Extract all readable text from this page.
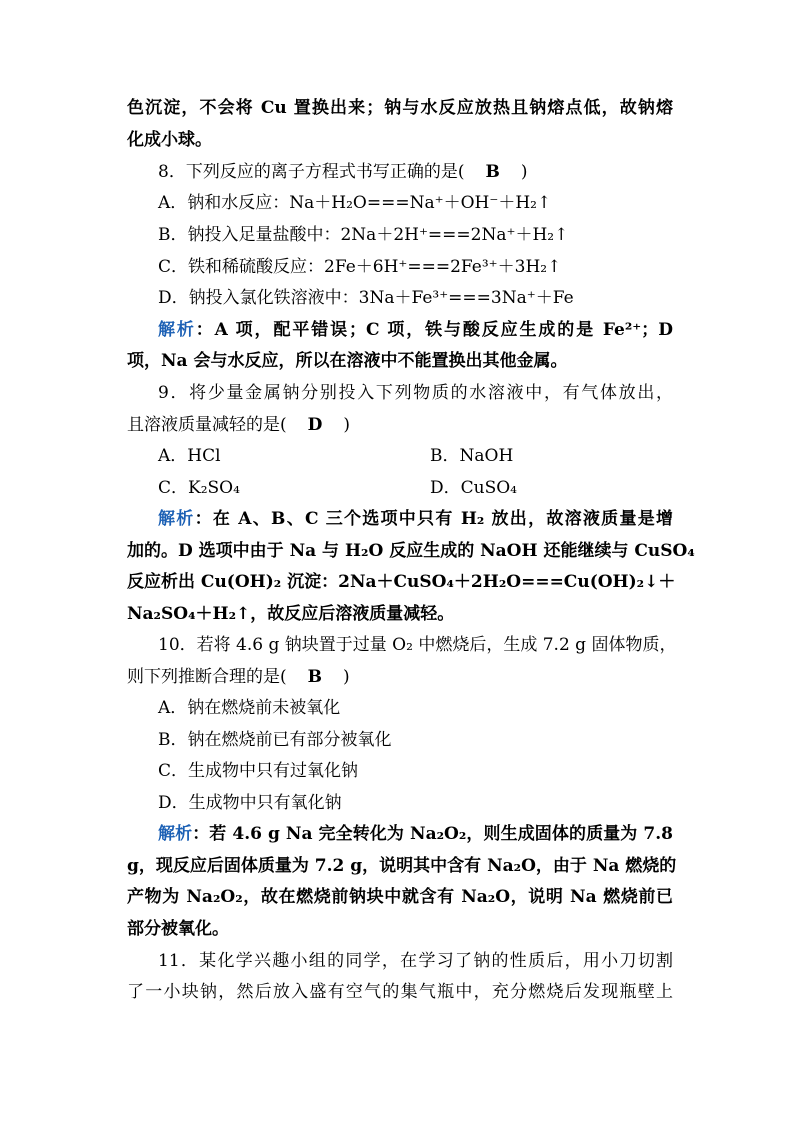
色沉淀，不会将 Cu 置换出来；钠与水反应放热且钠熔点低，故钠熔
化成小球。
8．下列反应的离子方程式书写正确的是(　B　)
A．钠和水反应：Na＋H₂O===Na⁺＋OH⁻＋H₂↑
B．钠投入足量盐酸中：2Na＋2H⁺===2Na⁺＋H₂↑
C．铁和稀硫酸反应：2Fe＋6H⁺===2Fe³⁺＋3H₂↑
D．钠投入氯化铁溶液中：3Na＋Fe³⁺===3Na⁺＋Fe
解析：A 项，配平错误；C 项，铁与酸反应生成的是 Fe²⁺；D
项，Na 会与水反应，所以在溶液中不能置换出其他金属。
9．将少量金属钠分别投入下列物质的水溶液中，有气体放出，
且溶液质量减轻的是(　D　)
A．HCl	B．NaOH
C．K₂SO₄	D．CuSO₄
解析：在 A、B、C 三个选项中只有 H₂ 放出，故溶液质量是增
加的。D 选项中由于 Na 与 H₂O 反应生成的 NaOH 还能继续与 CuSO₄
反应析出 Cu(OH)₂ 沉淀：2Na＋CuSO₄＋2H₂O===Cu(OH)₂↓＋
Na₂SO₄＋H₂↑，故反应后溶液质量减轻。
10．若将 4.6 g 钠块置于过量 O₂ 中燃烧后，生成 7.2 g 固体物质，
则下列推断合理的是(　B　)
A．钠在燃烧前未被氧化
B．钠在燃烧前已有部分被氧化
C．生成物中只有过氧化钠
D．生成物中只有氧化钠
解析：若 4.6 g Na 完全转化为 Na₂O₂，则生成固体的质量为 7.8
g，现反应后固体质量为 7.2 g，说明其中含有 Na₂O，由于 Na 燃烧的
产物为 Na₂O₂，故在燃烧前钠块中就含有 Na₂O，说明 Na 燃烧前已
部分被氧化。
11．某化学兴趣小组的同学，在学习了钠的性质后，用小刀切割
了一小块钠，然后放入盛有空气的集气瓶中，充分燃烧后发现瓶壁上
